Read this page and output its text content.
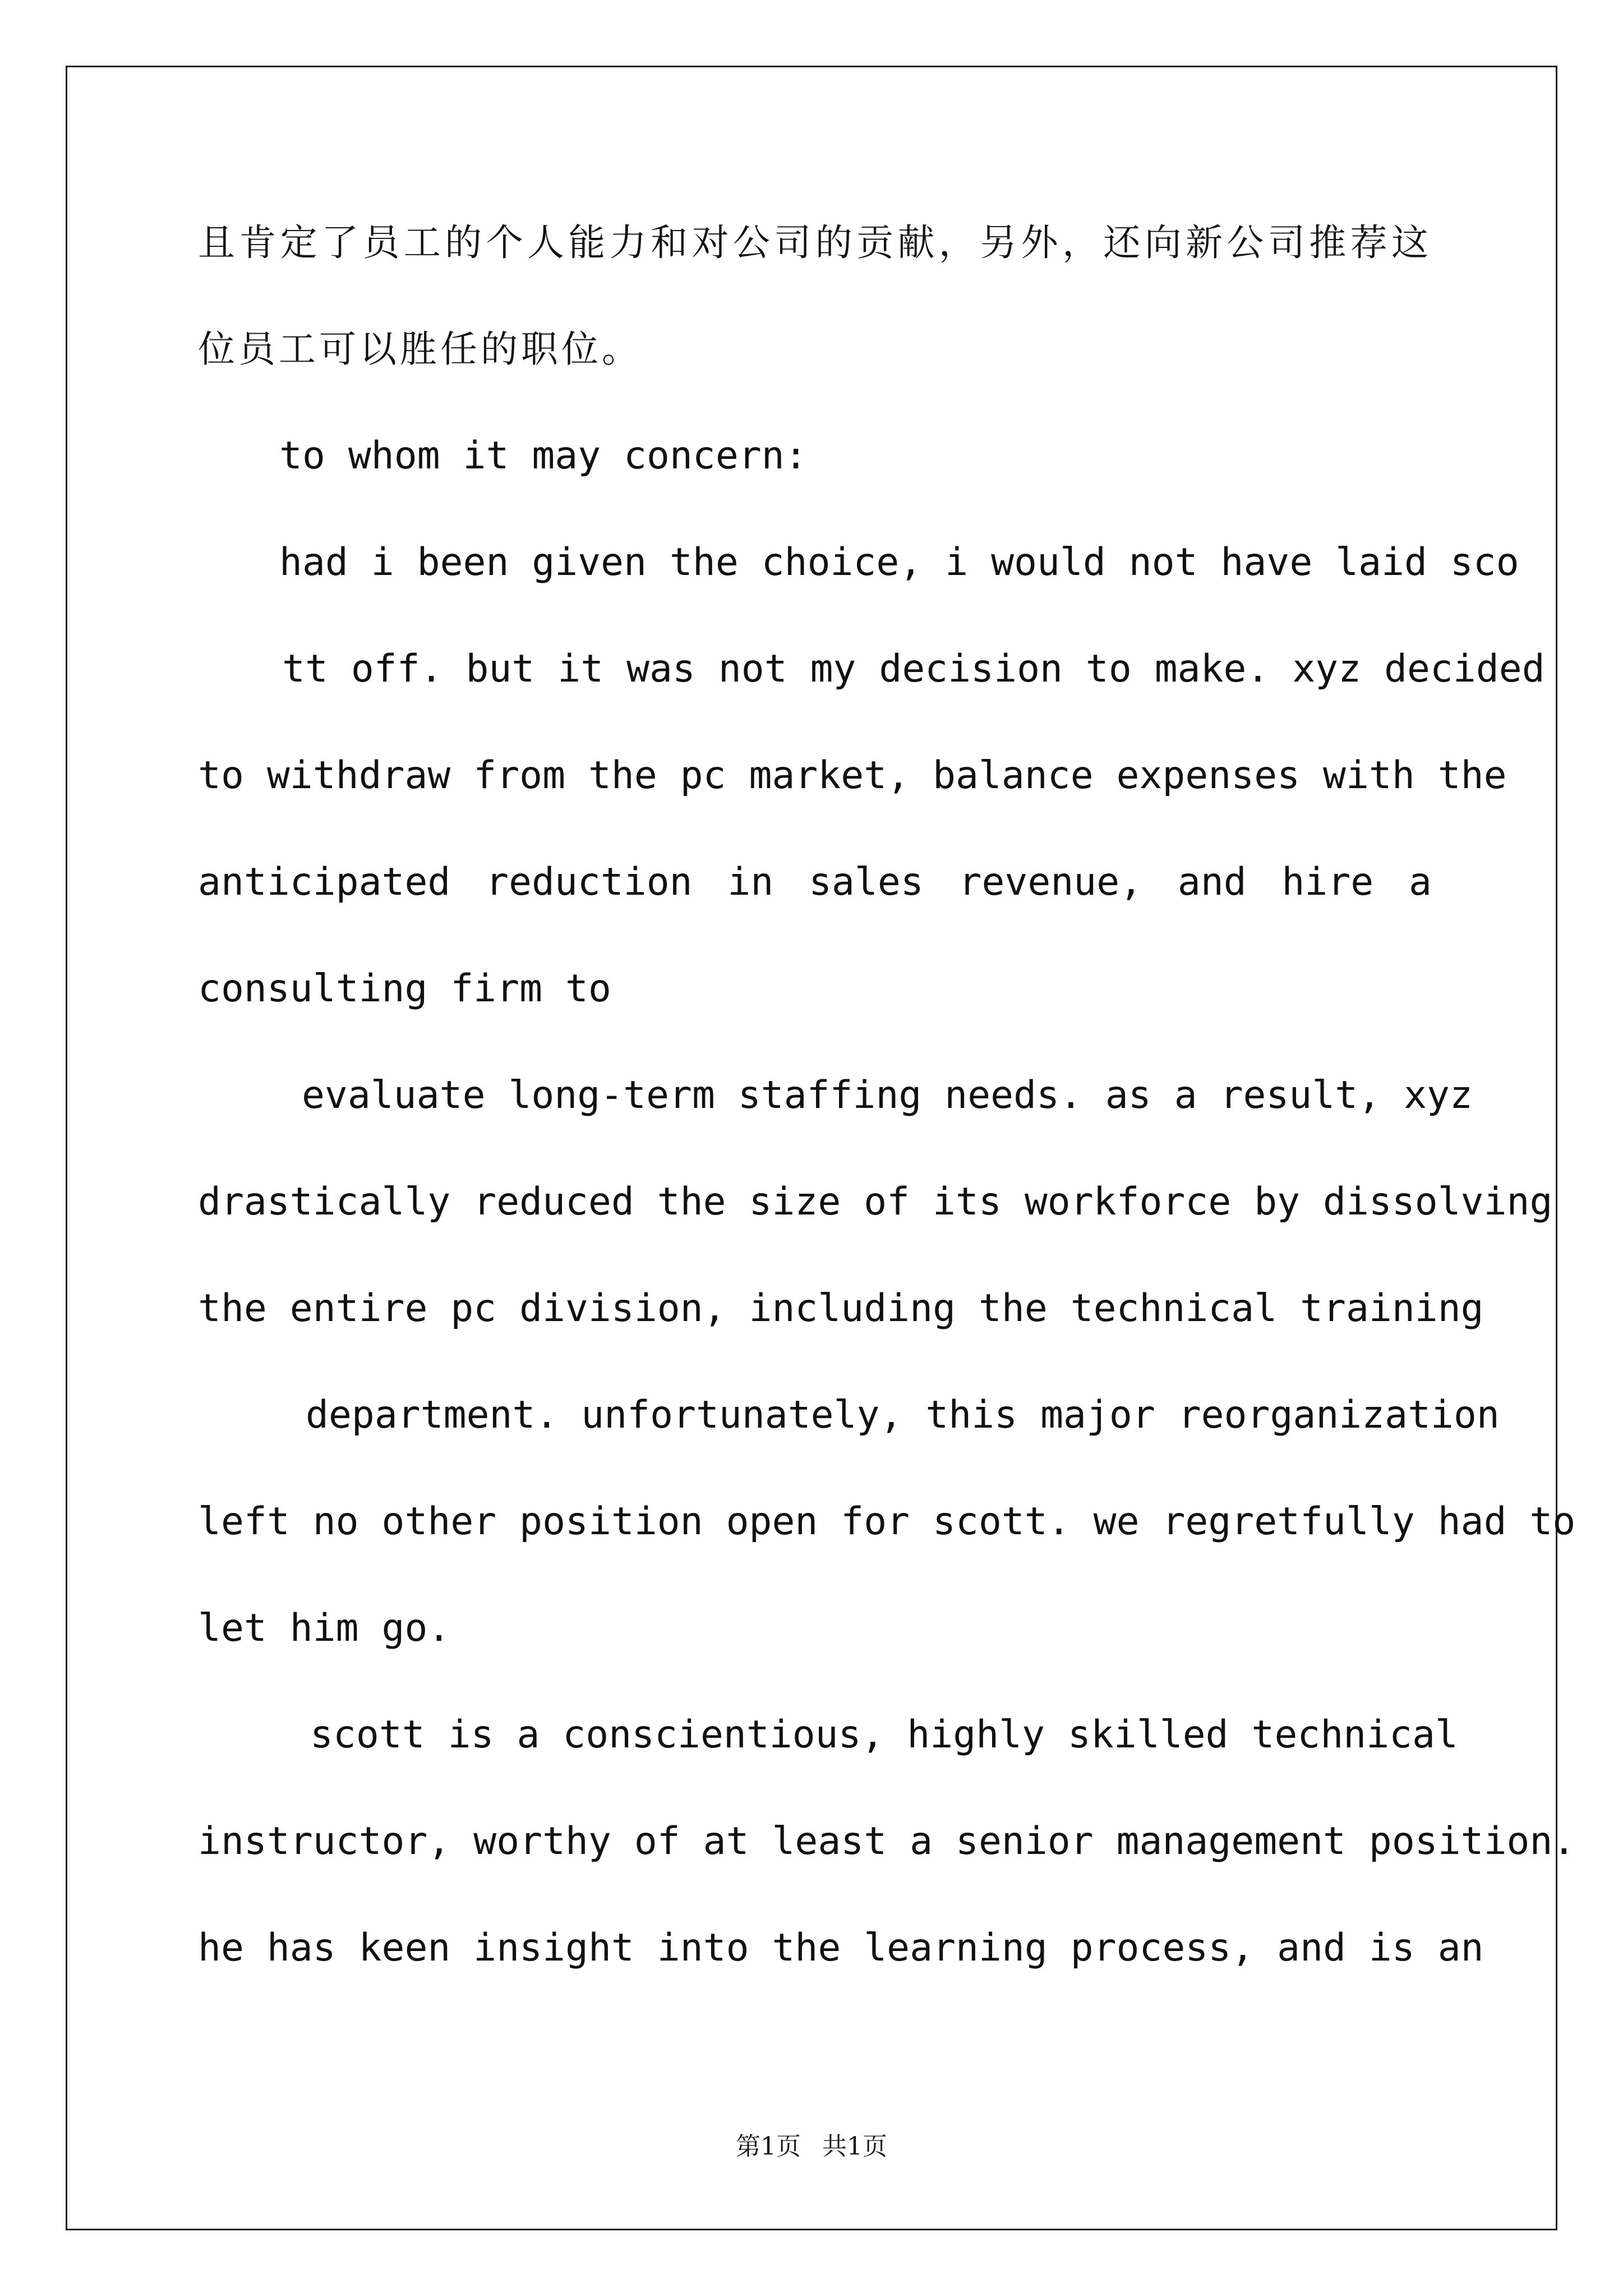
且肯定了员工的个人能力和对公司的贡献，另外，还向新公司推荐这
位员工可以胜任的职位。
to whom it may concern:
had i been given the choice, i would not have laid sco
tt off. but it was not my decision to make. xyz decided
to withdraw from the pc market, balance expenses with the
anticipated reduction in sales revenue, and hire a
consulting firm to
evaluate long-term staffing needs. as a result, xyz
drastically reduced the size of its workforce by dissolving
the entire pc division, including the technical training
department. unfortunately, this major reorganization
left no other position open for scott. we regretfully had to
let him go.
scott is a conscientious, highly skilled technical
instructor, worthy of at least a senior management position.
he has keen insight into the learning process, and is an
第1页 共1页
